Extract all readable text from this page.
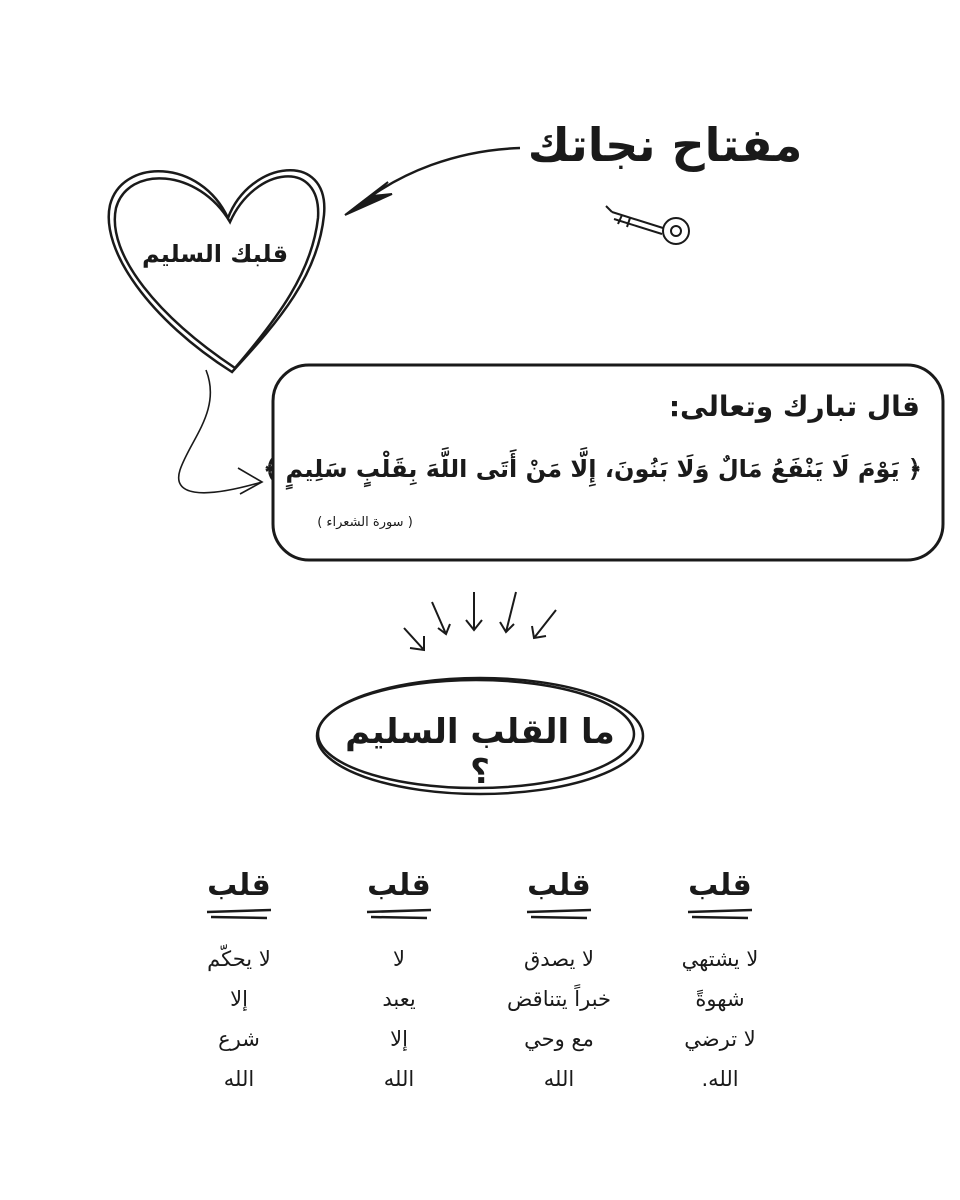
مفتاح نجاتك
قلبك السليم
قال تبارك وتعالى:
﴿ يَوْمَ لَا يَنْفَعُ مَالٌ وَلَا بَنُونَ، إِلَّا مَنْ أَتَى اللَّهَ بِقَلْبٍ سَلِيمٍ ﴾
( سورة الشعراء )
ما القلب السليم ؟
قلب
لا يشتهي
شهوةً
لا ترضي
الله.
قلب
لا يصدق
خبراً يتناقض
مع وحي
الله
قلب
لا
يعبد
إلا
الله
قلب
لا يحكّم
إلا
شرع
الله
